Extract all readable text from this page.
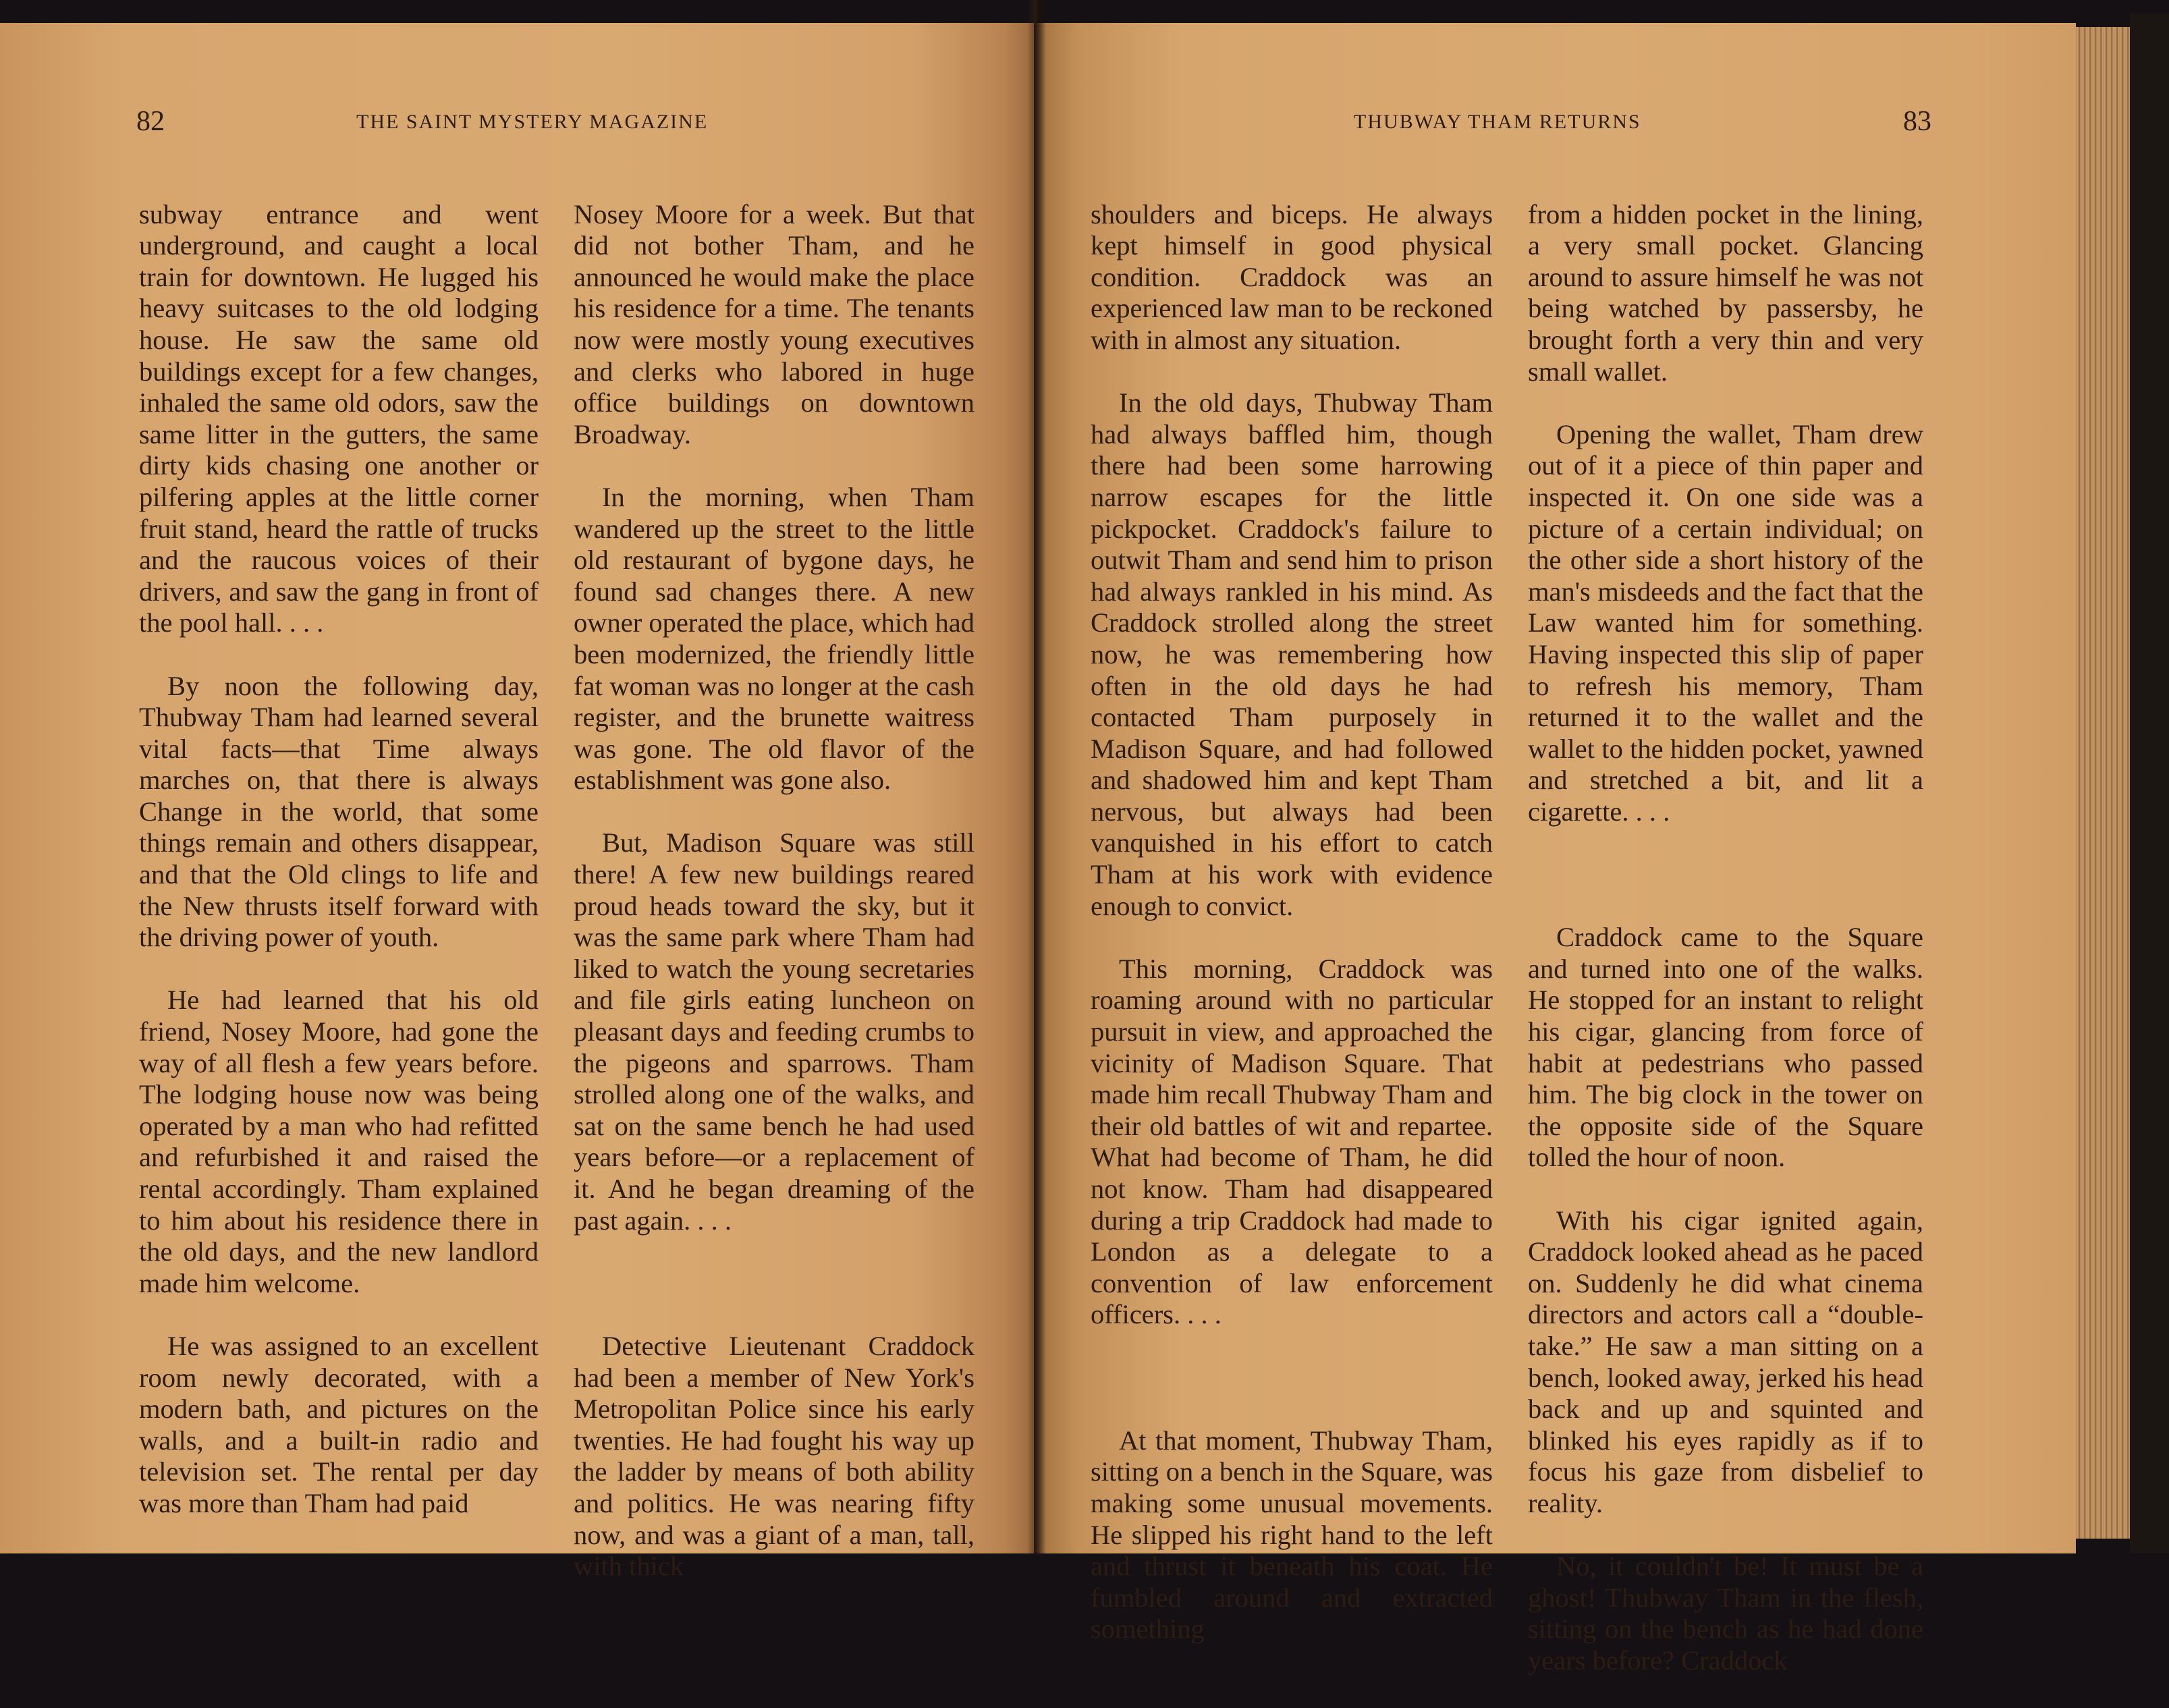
82	THE SAINT MYSTERY MAGAZINE

subway entrance and went underground, and caught a local train for downtown. He lugged his heavy suitcases to the old lodging house. He saw the same old buildings except for a few changes, inhaled the same old odors, saw the same litter in the gutters, the same dirty kids chasing one another or pilfering apples at the little corner fruit stand, heard the rattle of trucks and the raucous voices of their drivers, and saw the gang in front of the pool hall. . . .

By noon the following day, Thubway Tham had learned several vital facts—that Time always marches on, that there is always Change in the world, that some things remain and others disappear, and that the Old clings to life and the New thrusts itself forward with the driving power of youth.

He had learned that his old friend, Nosey Moore, had gone the way of all flesh a few years before. The lodging house now was being operated by a man who had refitted and refurbished it and raised the rental accordingly. Tham explained to him about his residence there in the old days, and the new landlord made him welcome.

He was assigned to an excellent room newly decorated, with a modern bath, and pictures on the walls, and a built-in radio and television set. The rental per day was more than Tham had paid

Nosey Moore for a week. But that did not bother Tham, and he announced he would make the place his residence for a time. The tenants now were mostly young executives and clerks who labored in huge office buildings on downtown Broadway.

In the morning, when Tham wandered up the street to the little old restaurant of bygone days, he found sad changes there. A new owner operated the place, which had been modernized, the friendly little fat woman was no longer at the cash register, and the brunette waitress was gone. The old flavor of the establishment was gone also.

But, Madison Square was still there! A few new buildings reared proud heads toward the sky, but it was the same park where Tham had liked to watch the young secretaries and file girls eating luncheon on pleasant days and feeding crumbs to the pigeons and sparrows. Tham strolled along one of the walks, and sat on the same bench he had used years before—or a replacement of it. And he began dreaming of the past again. . . .

Detective Lieutenant Craddock had been a member of New York's Metropolitan Police since his early twenties. He had fought his way up the ladder by means of both ability and politics. He was nearing fifty now, and was a giant of a man, tall, with thick

THUBWAY THAM RETURNS	83

shoulders and biceps. He always kept himself in good physical condition. Craddock was an experienced law man to be reckoned with in almost any situation.

In the old days, Thubway Tham had always baffled him, though there had been some harrowing narrow escapes for the little pickpocket. Craddock's failure to outwit Tham and send him to prison had always rankled in his mind. As Craddock strolled along the street now, he was remembering how often in the old days he had contacted Tham purposely in Madison Square, and had followed and shadowed him and kept Tham nervous, but always had been vanquished in his effort to catch Tham at his work with evidence enough to convict.

This morning, Craddock was roaming around with no particular pursuit in view, and approached the vicinity of Madison Square. That made him recall Thubway Tham and their old battles of wit and repartee. What had become of Tham, he did not know. Tham had disappeared during a trip Craddock had made to London as a delegate to a convention of law enforcement officers. . . .

At that moment, Thubway Tham, sitting on a bench in the Square, was making some unusual movements. He slipped his right hand to the left and thrust it beneath his coat. He fumbled around and extracted something

from a hidden pocket in the lining, a very small pocket. Glancing around to assure himself he was not being watched by passersby, he brought forth a very thin and very small wallet.

Opening the wallet, Tham drew out of it a piece of thin paper and inspected it. On one side was a picture of a certain individual; on the other side a short history of the man's misdeeds and the fact that the Law wanted him for something. Having inspected this slip of paper to refresh his memory, Tham returned it to the wallet and the wallet to the hidden pocket, yawned and stretched a bit, and lit a cigarette. . . .

Craddock came to the Square and turned into one of the walks. He stopped for an instant to relight his cigar, glancing from force of habit at pedestrians who passed him. The big clock in the tower on the opposite side of the Square tolled the hour of noon.

With his cigar ignited again, Craddock looked ahead as he paced on. Suddenly he did what cinema directors and actors call a “double-take.” He saw a man sitting on a bench, looked away, jerked his head back and up and squinted and blinked his eyes rapidly as if to focus his gaze from disbelief to reality.

No, it couldn't be! It must be a ghost! Thubway Tham in the flesh, sitting on the bench as he had done years before? Craddock
